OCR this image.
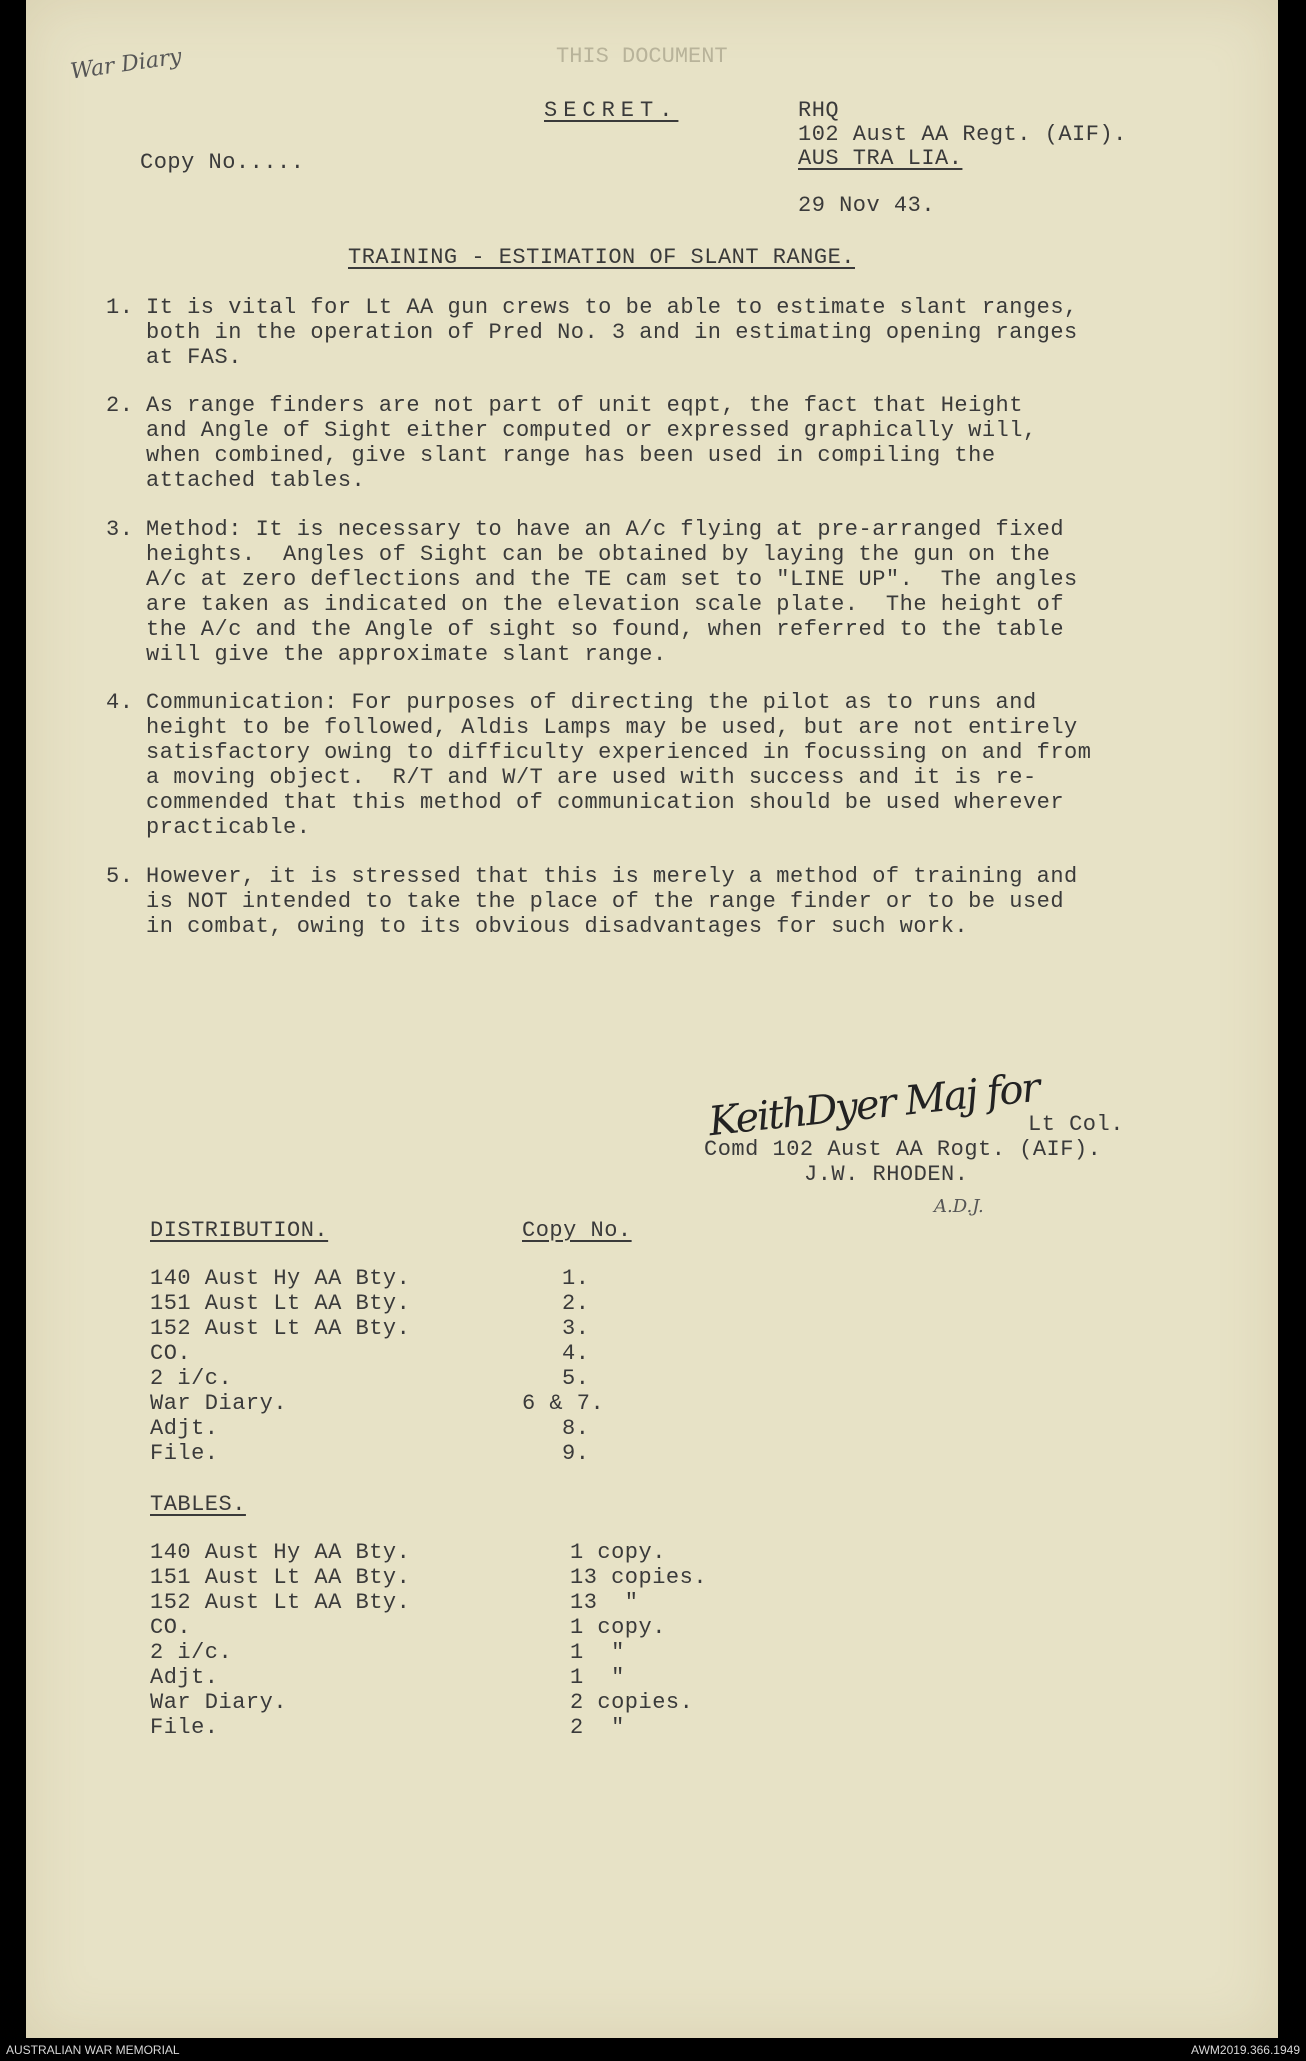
War Diary	THIS DOCUMENT
SECRET.	RHQ
102 Aust AA Regt. (AIF).
AUS TRA LIA.
Copy No.....
29 Nov 43.
TRAINING - ESTIMATION OF SLANT RANGE.
1. It is vital for Lt AA gun crews to be able to estimate slant ranges,
both in the operation of Pred No. 3 and in estimating opening ranges
at FAS.
2. As range finders are not part of unit eqpt, the fact that Height
and Angle of Sight either computed or expressed graphically will,
when combined, give slant range has been used in compiling the
attached tables.
3. Method: It is necessary to have an A/c flying at pre-arranged fixed
heights.  Angles of Sight can be obtained by laying the gun on the
A/c at zero deflections and the TE cam set to "LINE UP".  The angles
are taken as indicated on the elevation scale plate.  The height of
the A/c and the Angle of sight so found, when referred to the table
will give the approximate slant range.
4. Communication: For purposes of directing the pilot as to runs and
height to be followed, Aldis Lamps may be used, but are not entirely
satisfactory owing to difficulty experienced in focussing on and from
a moving object.  R/T and W/T are used with success and it is re-
commended that this method of communication should be used wherever
practicable.
5. However, it is stressed that this is merely a method of training and
is NOT intended to take the place of the range finder or to be used
in combat, owing to its obvious disadvantages for such work.
KeithDyer Maj for
Lt Col.
Comd 102 Aust AA Rogt. (AIF).
J.W. RHODEN.
A.D.J.
DISTRIBUTION.	Copy No.
140 Aust Hy AA Bty.	1.
151 Aust Lt AA Bty.	2.
152 Aust Lt AA Bty.	3.
CO.	4.
2 i/c.	5.
War Diary.	6 & 7.
Adjt.	8.
File.	9.
TABLES.
140 Aust Hy AA Bty.	1 copy.
151 Aust Lt AA Bty.	13 copies.
152 Aust Lt AA Bty.	13  "
CO.	1 copy.
2 i/c.	1  "
Adjt.	1  "
War Diary.	2 copies.
File.	2  "
AUSTRALIAN WAR MEMORIAL	AWM2019.366.1949
